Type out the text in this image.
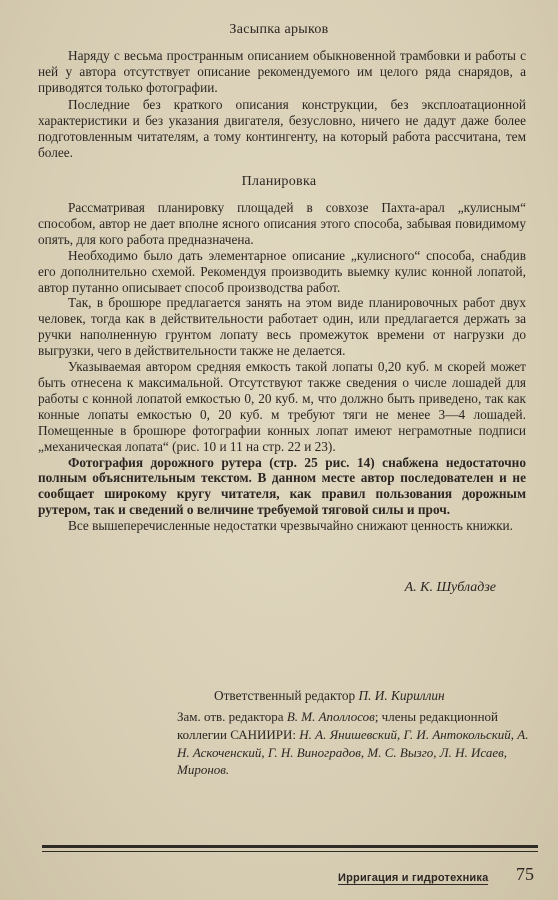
Засыпка арыков

Наряду с весьма пространным описанием обыкновенной трамбовки и работы с ней у автора отсутствует описание рекомендуемого им целого ряда снарядов, а приводятся только фотографии.

Последние без краткого описания конструкции, без эксплоатационной характеристики и без указания двигателя, безусловно, ничего не дадут даже более подготовленным читателям, а тому контингенту, на который работа рассчитана, тем более.

Планировка

Рассматривая планировку площадей в совхозе Пахта-арал „кулисным“ способом, автор не дает вполне ясного описания этого способа, забывая повидимому опять, для кого работа предназначена.

Необходимо было дать элементарное описание „кулисного“ способа, снабдив его дополнительно схемой. Рекомендуя производить выемку кулис конной лопатой, автор путанно описывает способ производства работ.

Так, в брошюре предлагается занять на этом виде планировочных работ двух человек, тогда как в действительности работает один, или предлагается держать за ручки наполненную грунтом лопату весь промежуток времени от нагрузки до выгрузки, чего в действительности также не делается.

Указываемая автором средняя емкость такой лопаты 0,20 куб. м скорей может быть отнесена к максимальной. Отсутствуют также сведения о числе лошадей для работы с конной лопатой емкостью 0, 20 куб. м, что должно быть приведено, так как конные лопаты емкостью 0, 20 куб. м требуют тяги не менее 3—4 лошадей. Помещенные в брошюре фотографии конных лопат имеют неграмотные подписи „механическая лопата“ (рис. 10 и 11 на стр. 22 и 23).

Фотография дорожного рутера (стр. 25 рис. 14) снабжена недостаточно полным объяснительным текстом. В данном месте автор последователен и не сообщает широкому кругу читателя, как правил пользования дорожным рутером, так и сведений о величине требуемой тяговой силы и проч.

Все вышеперечисленные недостатки чрезвычайно снижают ценность книжки.

А. К. Шубладзе
Ответственный редактор П. И. Кириллин
Зам. отв. редактора В. М. Аполлосов; члены редакционной коллегии САНИИРИ: Н. А. Янишевский, Г. И. Антокольский, А. Н. Аскоченский, Г. Н. Виноградов, М. С. Вызго, Л. Н. Исаев, Миронов.
Ирригация и гидротехника 75
